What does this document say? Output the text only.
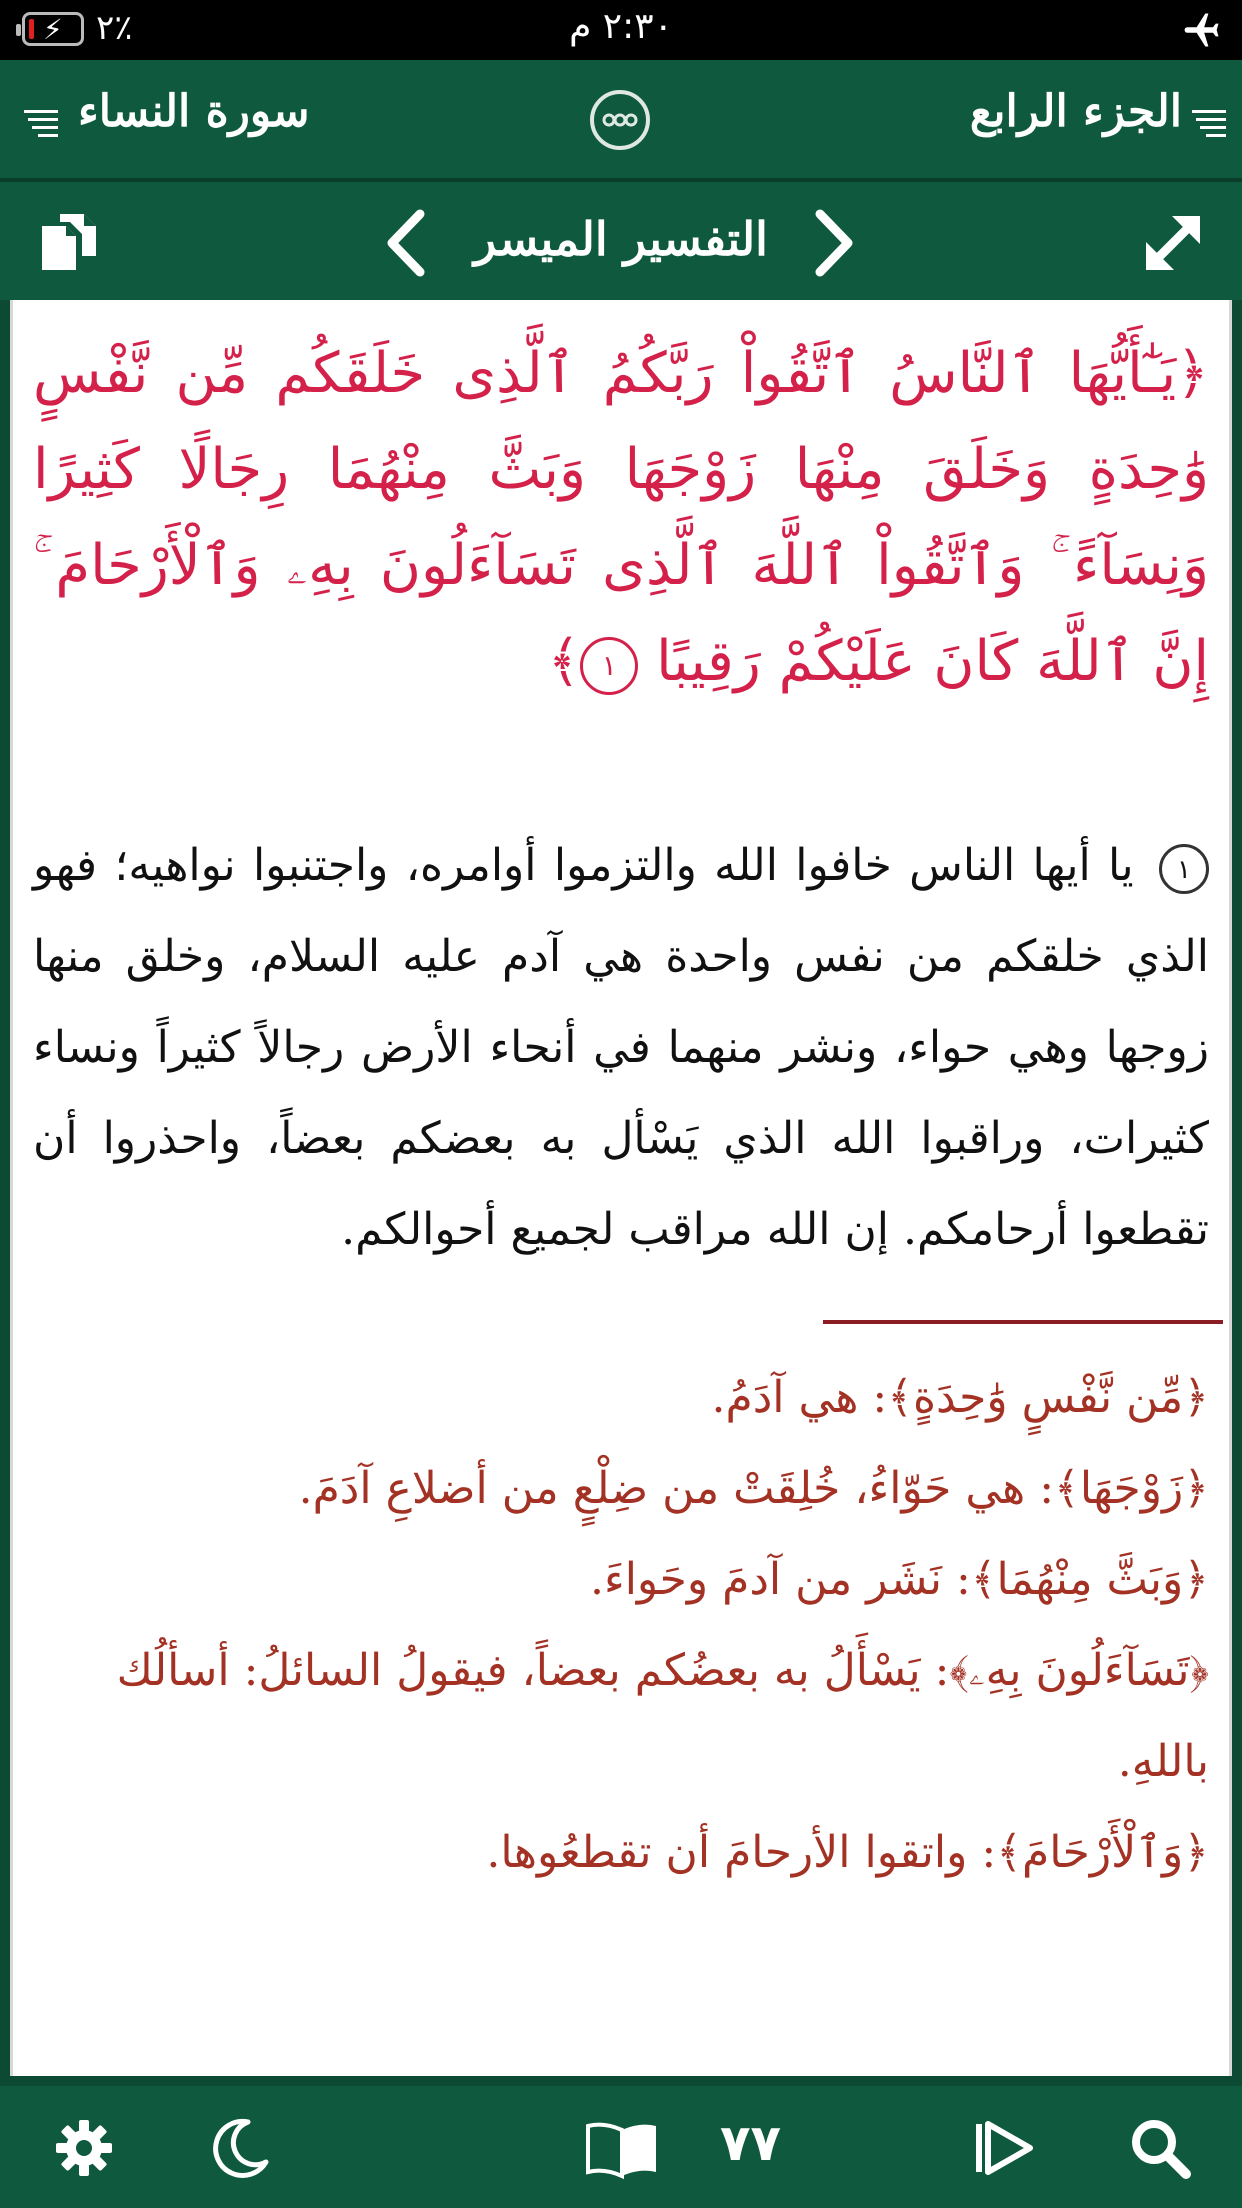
⚡ ٢٪	٢:٣٠ م
سورة النساء	الجزء الرابع
التفسير الميسر
﴿يَـٰٓأَيُّهَا ٱلنَّاسُ ٱتَّقُواْ رَبَّكُمُ ٱلَّذِى خَلَقَكُم مِّن نَّفْسٍ وَٰحِدَةٍ وَخَلَقَ مِنْهَا زَوْجَهَا وَبَثَّ مِنْهُمَا رِجَالًا كَثِيرًا وَنِسَآءً ۚ وَٱتَّقُواْ ٱللَّهَ ٱلَّذِى تَسَآءَلُونَ بِهِۦ وَٱلْأَرْحَامَ ۚ إِنَّ ٱللَّهَ كَانَ عَلَيْكُمْ رَقِيبًا ١﴾
١ يا أيها الناس خافوا الله والتزموا أوامره، واجتنبوا نواهيه؛ فهو الذي خلقكم من نفس واحدة هي آدم عليه السلام، وخلق منها زوجها وهي حواء، ونشر منهما في أنحاء الأرض رجالاً كثيراً ونساء كثيرات، وراقبوا الله الذي يَسْأل به بعضكم بعضاً، واحذروا أن تقطعوا أرحامكم. إن الله مراقب لجميع أحوالكم.
﴿مِّن نَّفْسٍ وَٰحِدَةٍ﴾: هي آدَمُ.
﴿زَوْجَهَا﴾: هي حَوّاءُ، خُلِقَتْ من ضِلْعٍ من أضلاعِ آدَمَ.
﴿وَبَثَّ مِنْهُمَا﴾: نَشَر من آدمَ وحَواءَ.
﴿تَسَآءَلُونَ بِهِۦ﴾: يَسْأَلُ به بعضُكم بعضاً، فيقولُ السائلُ: أسألُك باللهِ.
﴿وَٱلْأَرْحَامَ﴾: واتقوا الأرحامَ أن تقطعُوها.
٧٧
